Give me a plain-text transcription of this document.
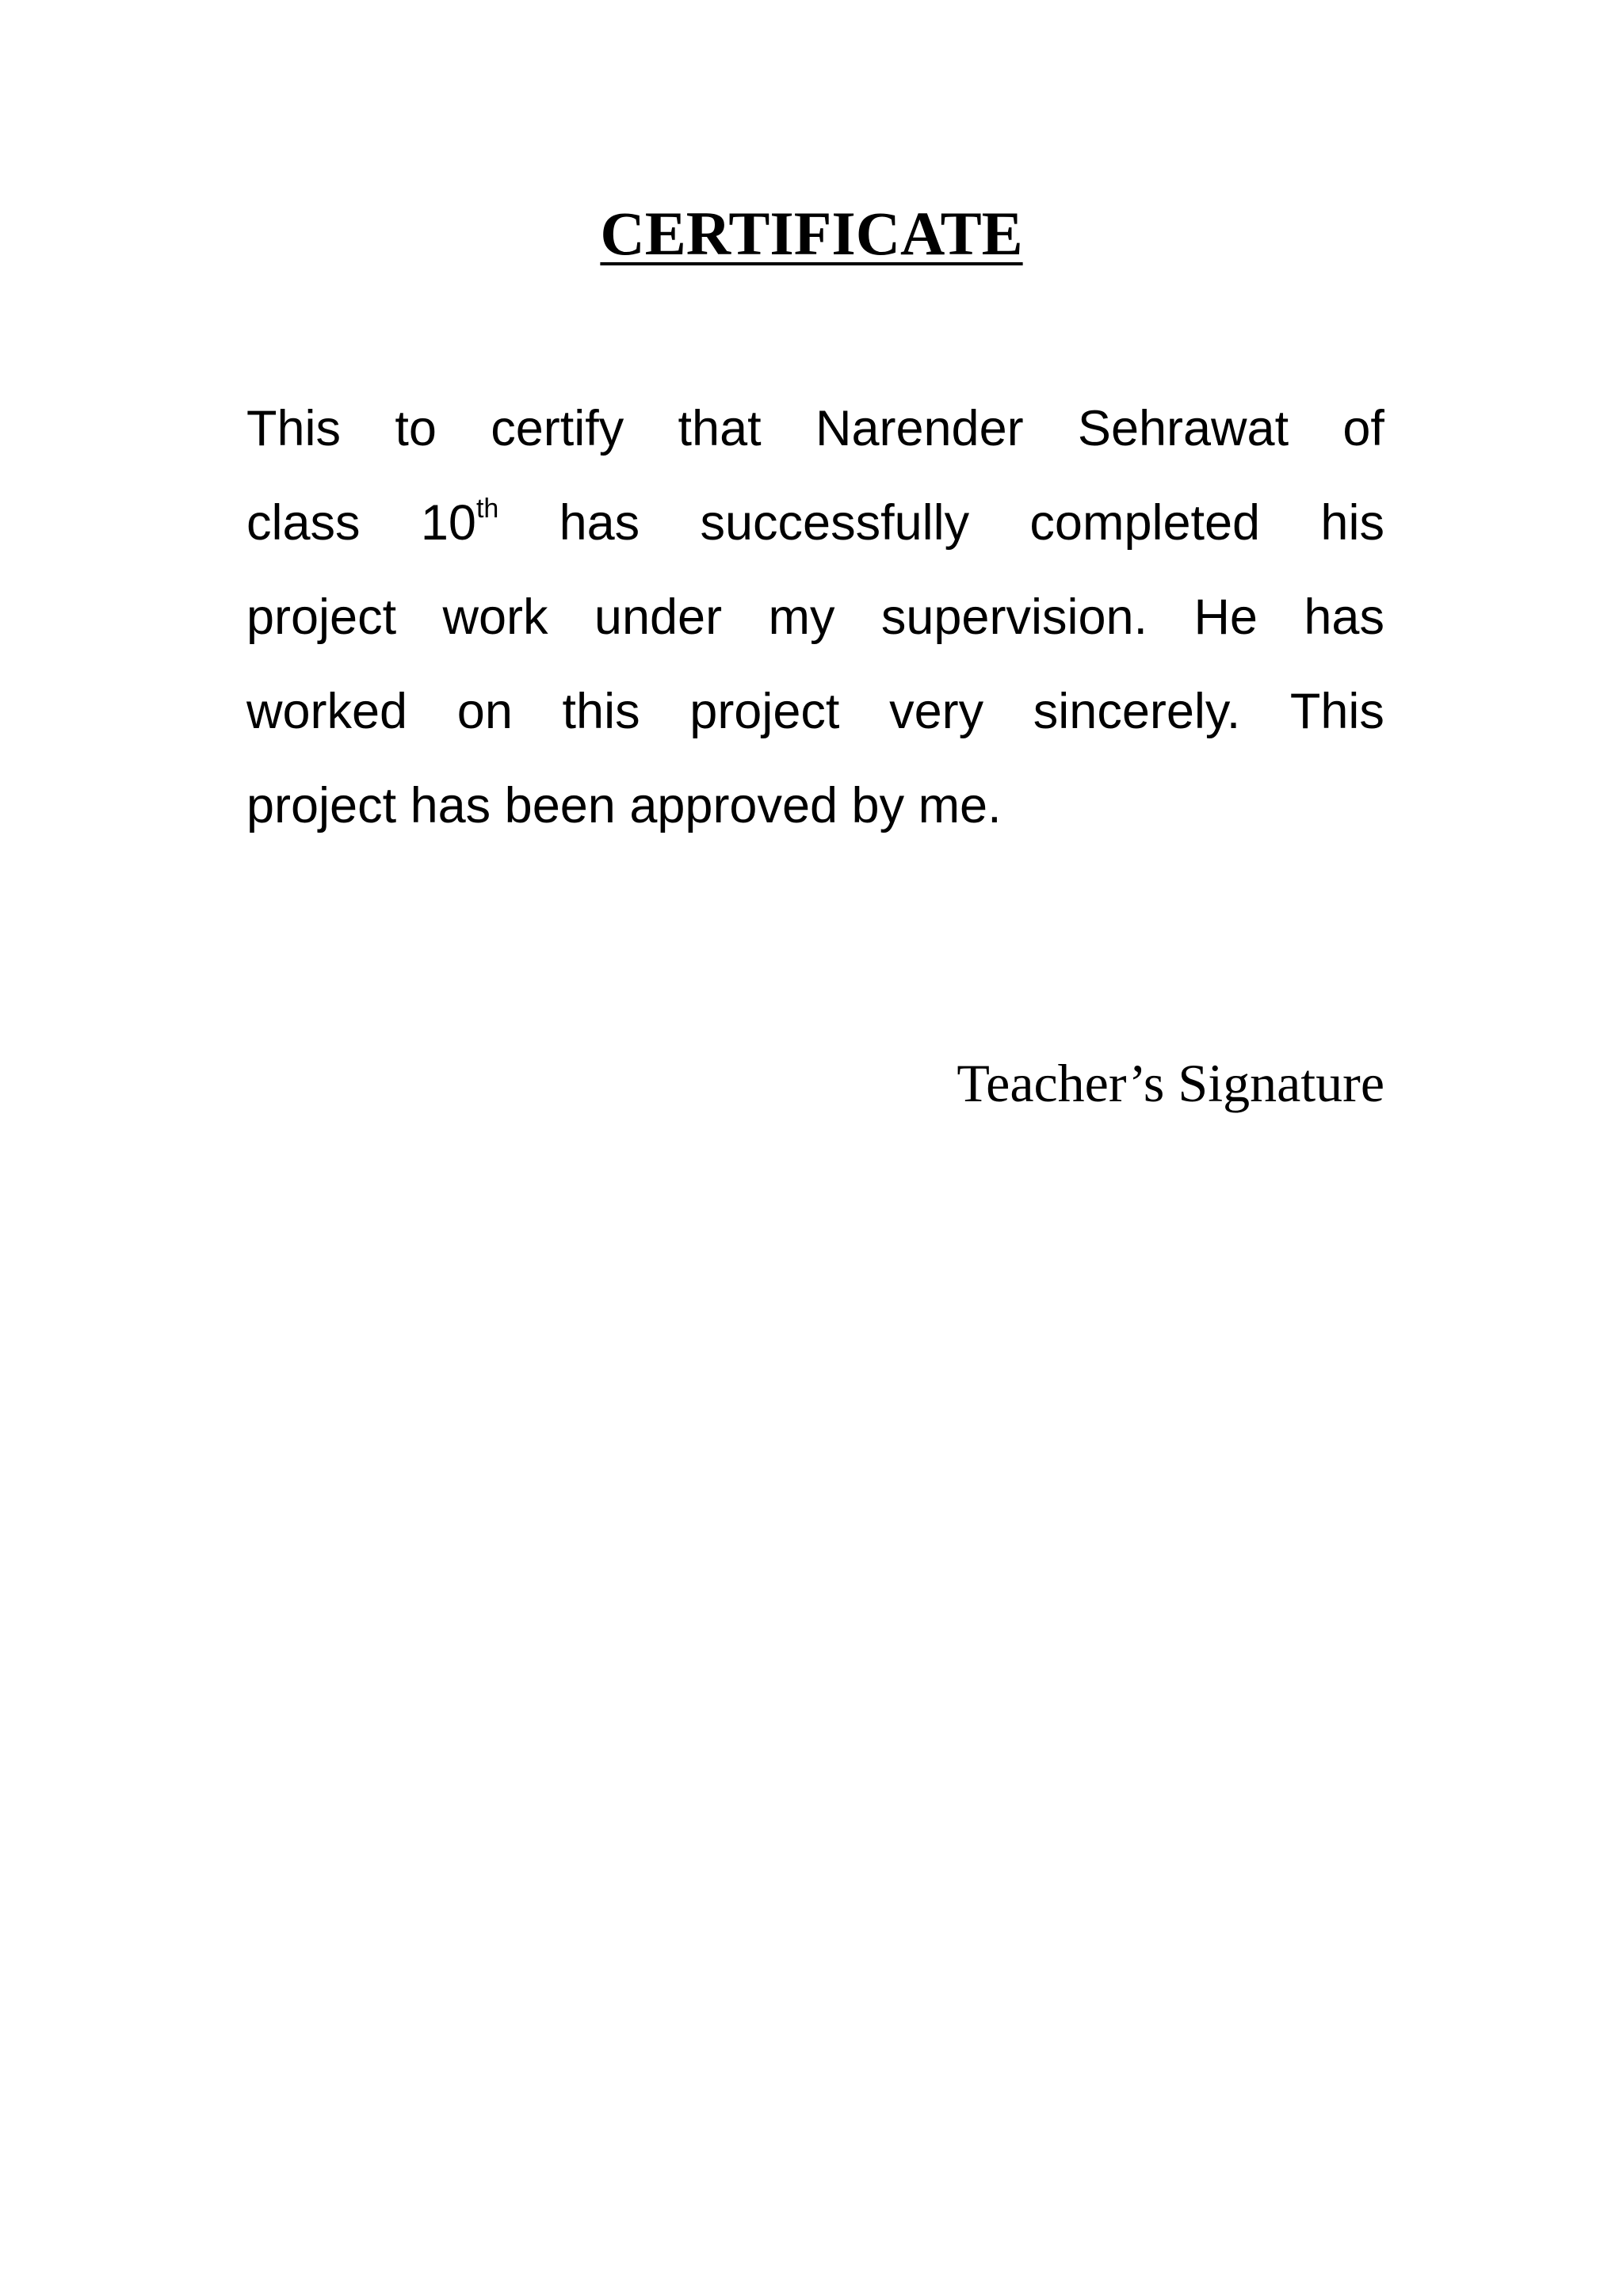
CERTIFICATE
This to certify that Narender Sehrawat of
class 10th has successfully completed his
project work under my supervision. He has
worked on this project very sincerely. This
project has been approved by me.

Teacher’s Signature
